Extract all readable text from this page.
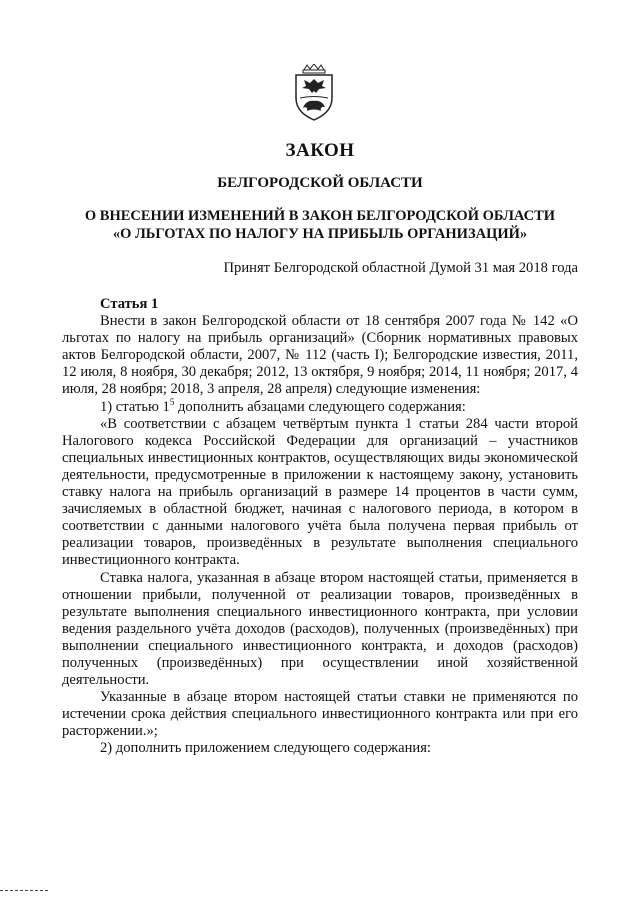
ЗАКОН
БЕЛГОРОДСКОЙ ОБЛАСТИ
О ВНЕСЕНИИ ИЗМЕНЕНИЙ В ЗАКОН БЕЛГОРОДСКОЙ ОБЛАСТИ
«О ЛЬГОТАХ ПО НАЛОГУ НА ПРИБЫЛЬ ОРГАНИЗАЦИЙ»
Принят Белгородской областной Думой 31 мая 2018 года

Статья 1

Внести в закон Белгородской области от 18 сентября 2007 года № 142 «О льготах по налогу на прибыль организаций» (Сборник нормативных правовых актов Белгородской области, 2007, № 112 (часть I); Белгородские известия, 2011, 12 июля, 8 ноября, 30 декабря; 2012, 13 октября, 9 ноября; 2014, 11 ноября; 2017, 4 июля, 28 ноября; 2018, 3 апреля, 28 апреля) следующие изменения:

1) статью $1^5$ дополнить абзацами следующего содержания:

«В соответствии с абзацем четвёртым пункта 1 статьи 284 части второй Налогового кодекса Российской Федерации для организаций – участников специальных инвестиционных контрактов, осуществляющих виды экономической деятельности, предусмотренные в приложении к настоящему закону, установить ставку налога на прибыль организаций в размере 14 процентов в части сумм, зачисляемых в областной бюджет, начиная с налогового периода, в котором в соответствии с данными налогового учёта была получена первая прибыль от реализации товаров, произведённых в результате выполнения специального инвестиционного контракта.

Ставка налога, указанная в абзаце втором настоящей статьи, применяется в отношении прибыли, полученной от реализации товаров, произведённых в результате выполнения специального инвестиционного контракта, при условии ведения раздельного учёта доходов (расходов), полученных (произведённых) при выполнении специального инвестиционного контракта, и доходов (расходов) полученных (произведённых) при осуществлении иной хозяйственной деятельности.

Указанные в абзаце втором настоящей статьи ставки не применяются по истечении срока действия специального инвестиционного контракта или при его расторжении.»;

2) дополнить приложением следующего содержания:
